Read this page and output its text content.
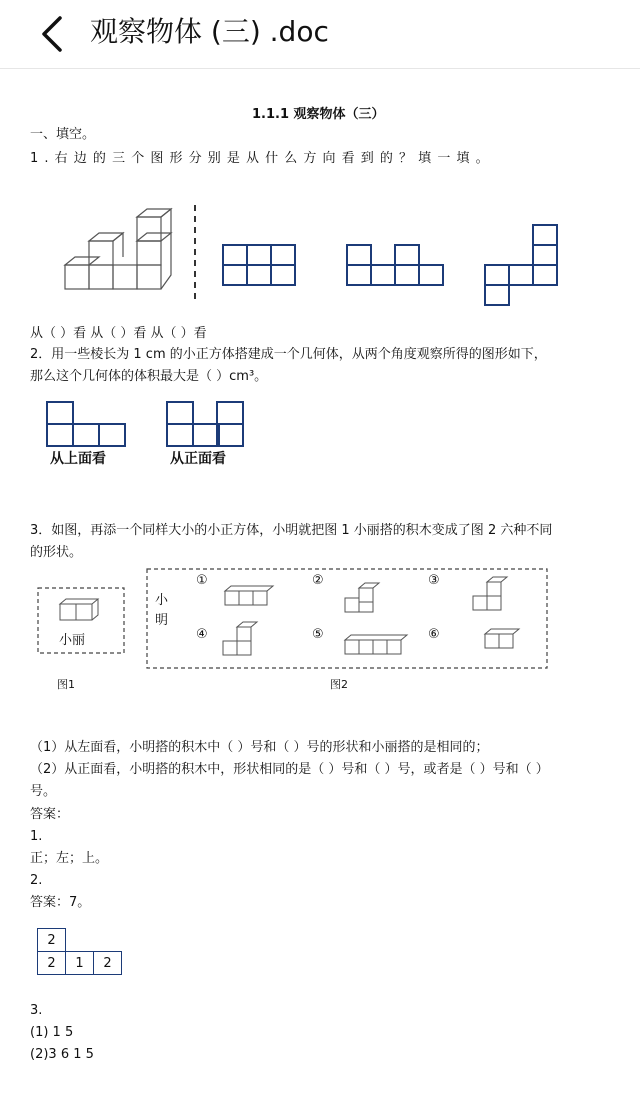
观察物体 (三) .doc
1.1.1 观察物体（三）
一、填空。
1 . 右 边 的 三 个 图 形 分 别 是 从 什 么 方 向 看 到 的 ？ 填 一 填 。
从（ ）看 从（ ）看 从（ ）看
2．用一些棱长为 1 cm 的小正方体搭建成一个几何体，从两个角度观察所得的图形如下，
那么这个几何体的体积最大是（ ）cm³。
从上面看	从正面看
3．如图，再添一个同样大小的小正方体，小明就把图 1 小丽搭的积木变成了图 2 六种不同
的形状。
小丽
小
明
①	②	③
④	⑤	⑥
图1	图2
（1）从左面看，小明搭的积木中（ ）号和（ ）号的形状和小丽搭的是相同的；
（2）从正面看，小明搭的积木中，形状相同的是（ ）号和（ ）号，或者是（ ）号和（ ）
号。
答案：
1.
正；左；上。
2.
答案：7。
2		
2	1	2
3.
(1) 1 5
(2)3 6 1 5
